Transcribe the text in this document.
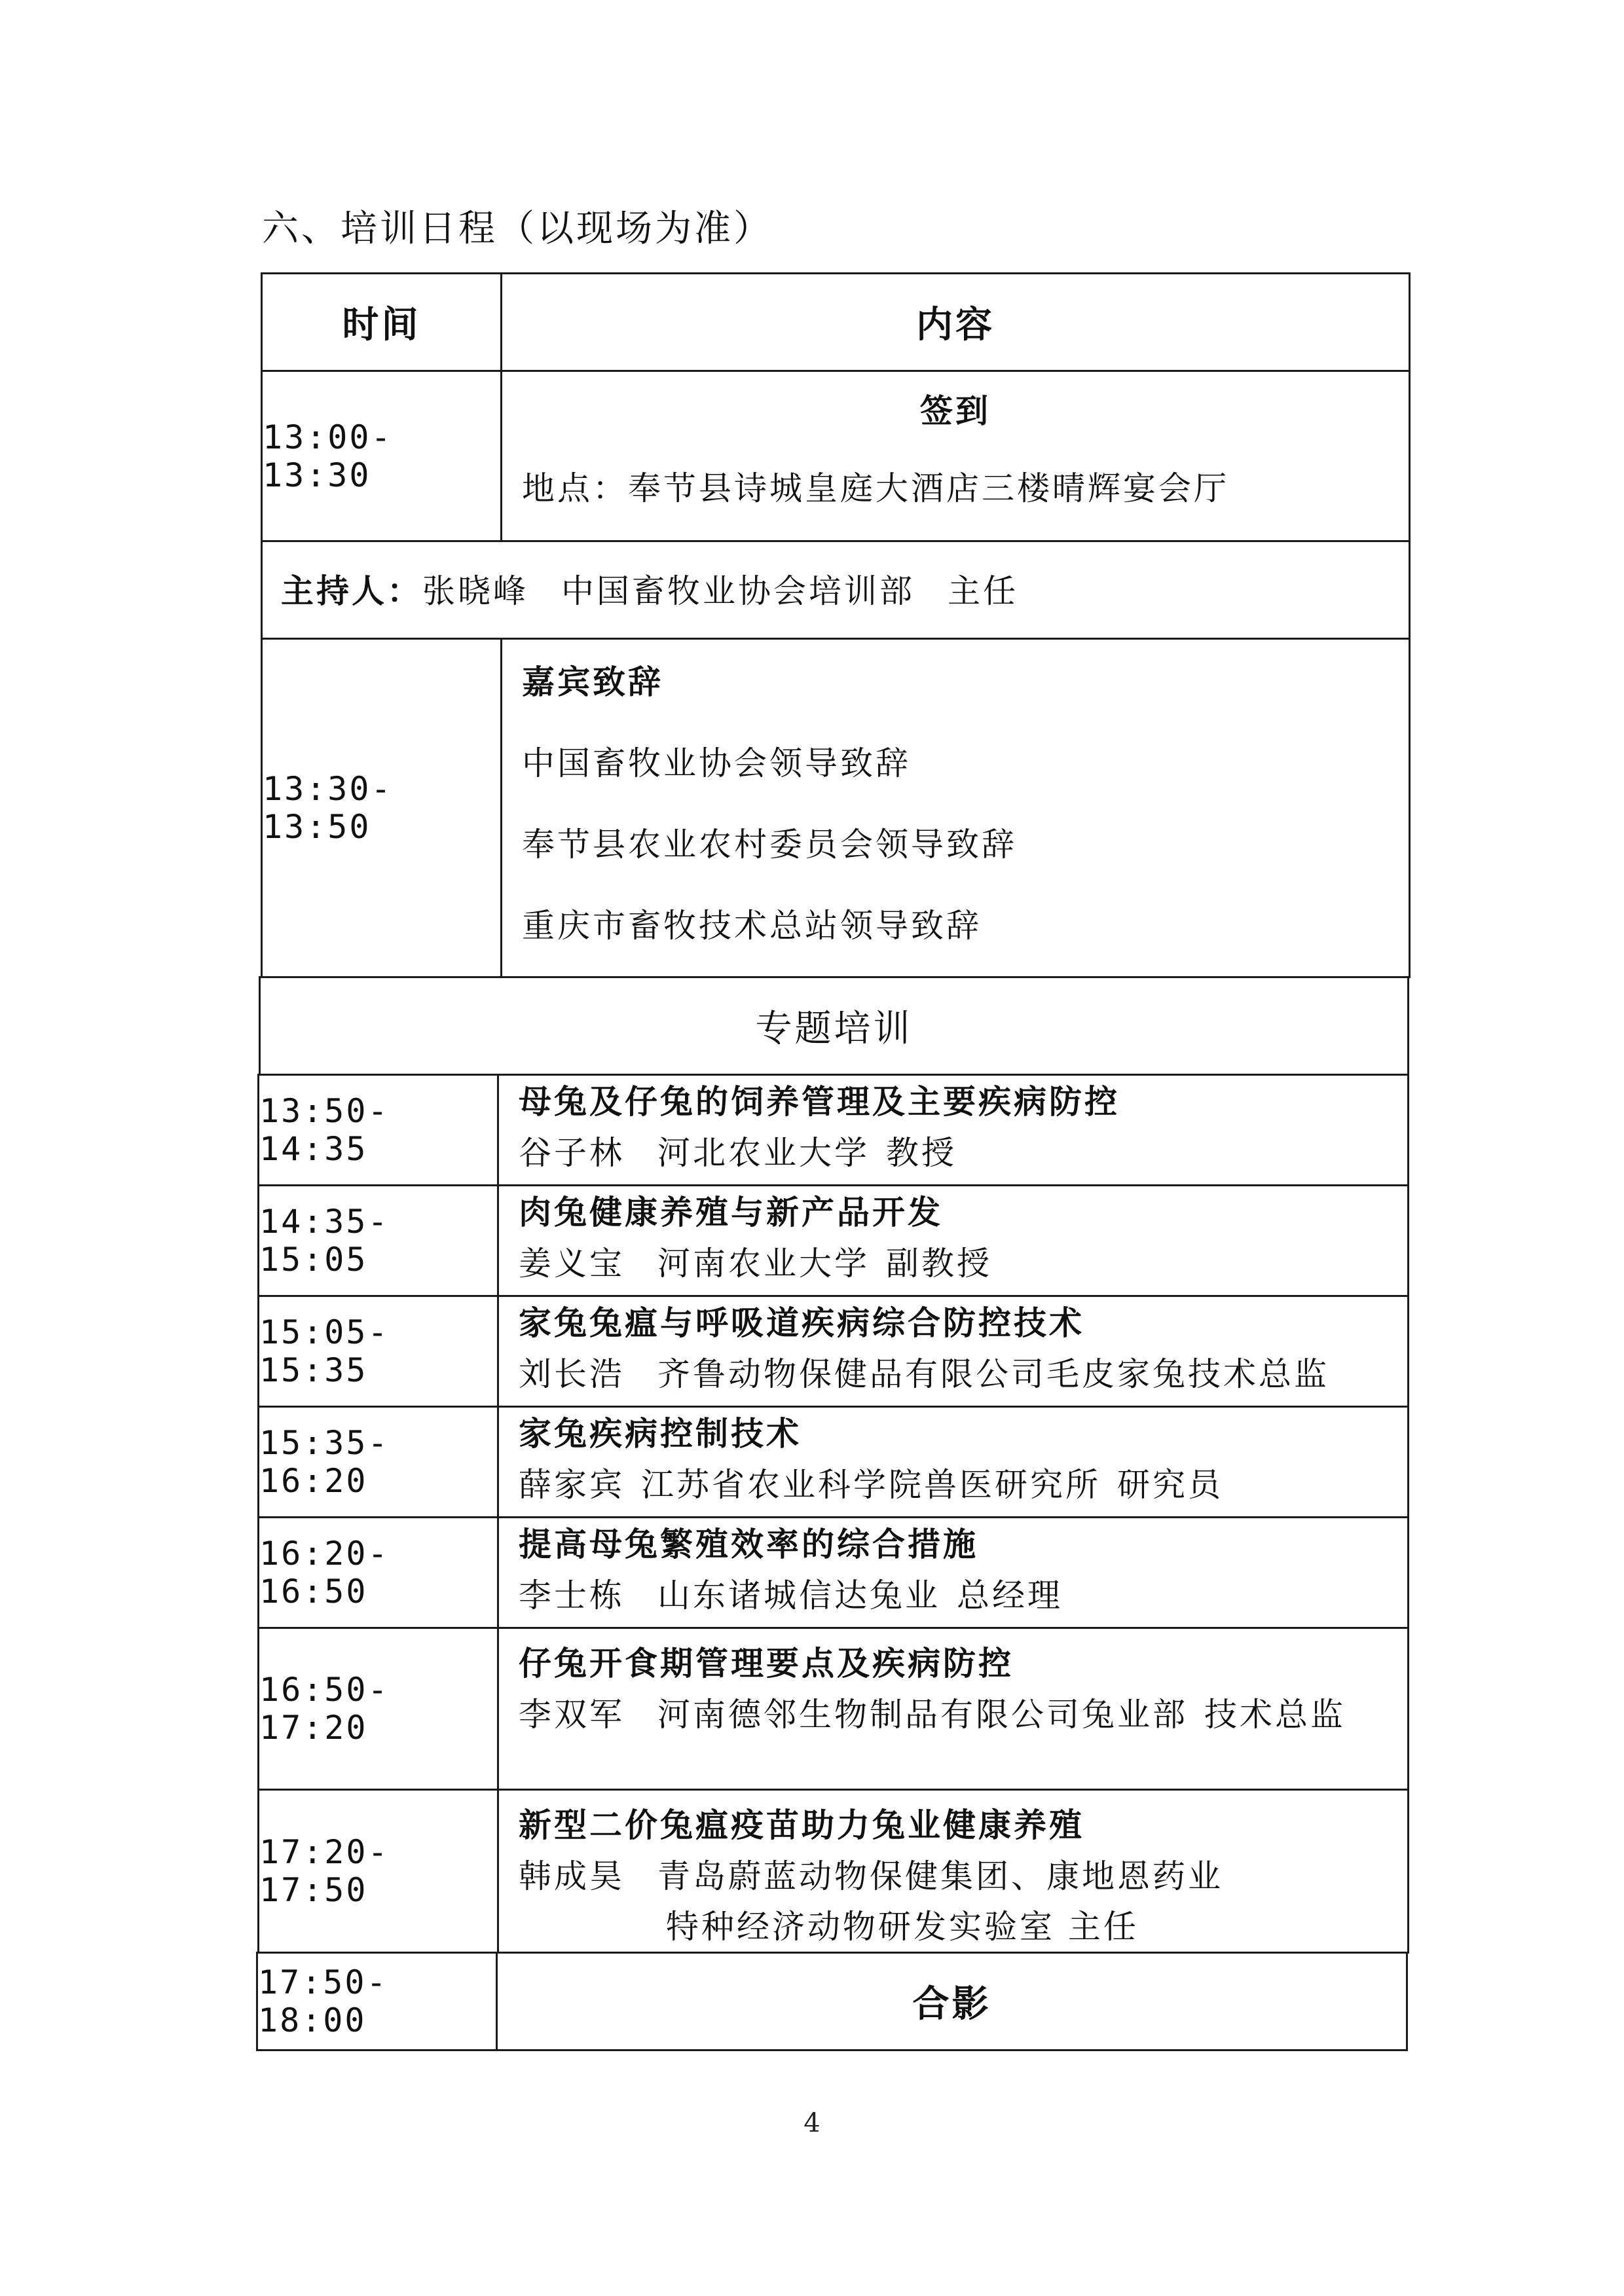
六、培训日程（以现场为准）
时间	内容
13:00-13:30
签到
地点：奉节县诗城皇庭大酒店三楼晴辉宴会厅
主持人：张晓峰 中国畜牧业协会培训部 主任
13:30-13:50
嘉宾致辞
中国畜牧业协会领导致辞
奉节县农业农村委员会领导致辞
重庆市畜牧技术总站领导致辞
专题培训
13:50-14:35
母兔及仔兔的饲养管理及主要疾病防控
谷子林 河北农业大学 教授
14:35-15:05
肉兔健康养殖与新产品开发
姜义宝 河南农业大学 副教授
15:05-15:35
家兔兔瘟与呼吸道疾病综合防控技术
刘长浩 齐鲁动物保健品有限公司毛皮家兔技术总监
15:35-16:20
家兔疾病控制技术
薛家宾 江苏省农业科学院兽医研究所 研究员
16:20-16:50
提高母兔繁殖效率的综合措施
李士栋 山东诸城信达兔业 总经理
16:50-17:20
仔兔开食期管理要点及疾病防控
李双军 河南德邻生物制品有限公司兔业部 技术总监
17:20-17:50
新型二价兔瘟疫苗助力兔业健康养殖
韩成昊 青岛蔚蓝动物保健集团、康地恩药业
特种经济动物研发实验室 主任
17:50-18:00	合影
4
